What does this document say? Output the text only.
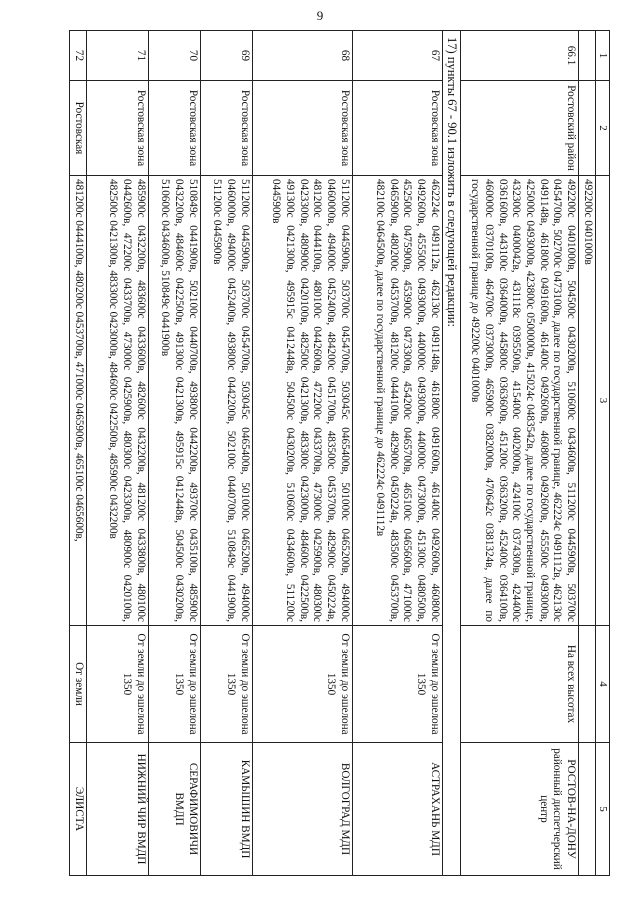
9
1	2	3	4	5
		492200с 0401000в		
66.1	Ростовский район	492200с 0401000в, 504500с 0430200в, 510600с 0434600в, 511200с 0445900в, 503700с 0454700в, 502700с 0473100в, далее по государственной границе, 462224с 0491112в, 462130с 0491148в, 461800с 0491600в, 461400с 0492600в, 460800с 0492600в, 455500с 0493000в, 425000с 0493000в, 423800с 0500000в, 415024с 0483542в, далее по государственной границе, 432300с 0400042в, 431118с 0395500в, 415400с 0402000в, 424100с 0374300в, 424400с 0361600в, 443100с 0364000в, 445800с 0363600в, 451200с 0363200в, 452400с 0364100в, 460000с 0370100в, 464700с 0373000в, 465900с 0382000в, 470642с 0381324в, далее по государственной границе до 492200с 0401000в	На всех высотах	РОСТОВ-НА-ДОНУ районный диспетчерский центр
17) пункты 67 - 90.1 изложить в следующей редакции:				
67	Ростовская зона	462224с 0491112в, 462130с 0491148в, 461800с 0491600в, 461400с 0492600в, 460800с 0492600в, 455500с 0493000в, 440000с 0493000в, 440000с 0473000в, 451300с 0480500в, 452500с 0475900в, 453900с 0473300в, 454200с 0465700в, 465100с 0465600в, 471000с 0465900в, 480200с 0453700в, 481200с 0444100в, 482900с 0450224в, 483500с 0453700в, 482100с 0464500в, далее по государственной границе до 462224с 0491112в	От земли до эшелона 1350	АСТРАХАНЬ МДП
68	Ростовская зона	511200с 0445900в, 503700с 0454700в, 503045с 0465400в, 501000с 0465200в, 494000с 0460000в, 494000с 0452400в, 484200с 0451700в, 483500с 0453700в, 482900с 0450224в, 481200с 0444100в, 480100с 0442600в, 472200с 0433700в, 473000с 0425900в, 480300с 0423300в, 480900с 0420100в, 482500с 0421300в, 483300с 0423000в, 484600с 0422500в, 491300с 0421300в, 495915с 0412448в, 504500с 0430200в, 510600с 0434600в, 511200с 0445900в	От земли до эшелона 1350	ВОЛГОГРАД МДП
69	Ростовская зона	511200с 0445900в, 503700с 0454700в, 503045с 0465400в, 501000с 0465200в, 494000с 0460000в, 494000с 0452400в, 493800с 0442200в, 502100с 0440700в, 510849с 0441900в, 511200с 0445900в	От земли до эшелона 1350	КАМЫШИН ВМДП
70	Ростовская зона	510849с 0441900в, 502100с 0440700в, 493800с 0442200в, 493700с 0435100в, 485900с 0432200в, 484600с 0422500в, 491300с 0421300в, 495915с 0412448в, 504500с 0430200в, 510600с 0434600в, 510849с 0441900в	От земли до эшелона 1350	СЕРАФИМОВИЧИ ВМДП
71	Ростовская зона	485900с 0432200в, 483600с 0433600в, 482600с 0432200в, 481200с 0433800в, 480100с 0442600в, 472200с 0433700в, 473000с 0425900в, 480300с 0423300в, 480900с 0420100в, 482500с 0421300в, 483300с 0423000в, 484600с 0422500в, 485900с 0432200в	От земли до эшелона 1350	НИЖНИЙ ЧИР ВМДП
72	Ростовская	481200с 0444100в, 480200с 0453700в, 471000с 0465900в, 465100с 0465600в,	От земли	ЭЛИСТА
